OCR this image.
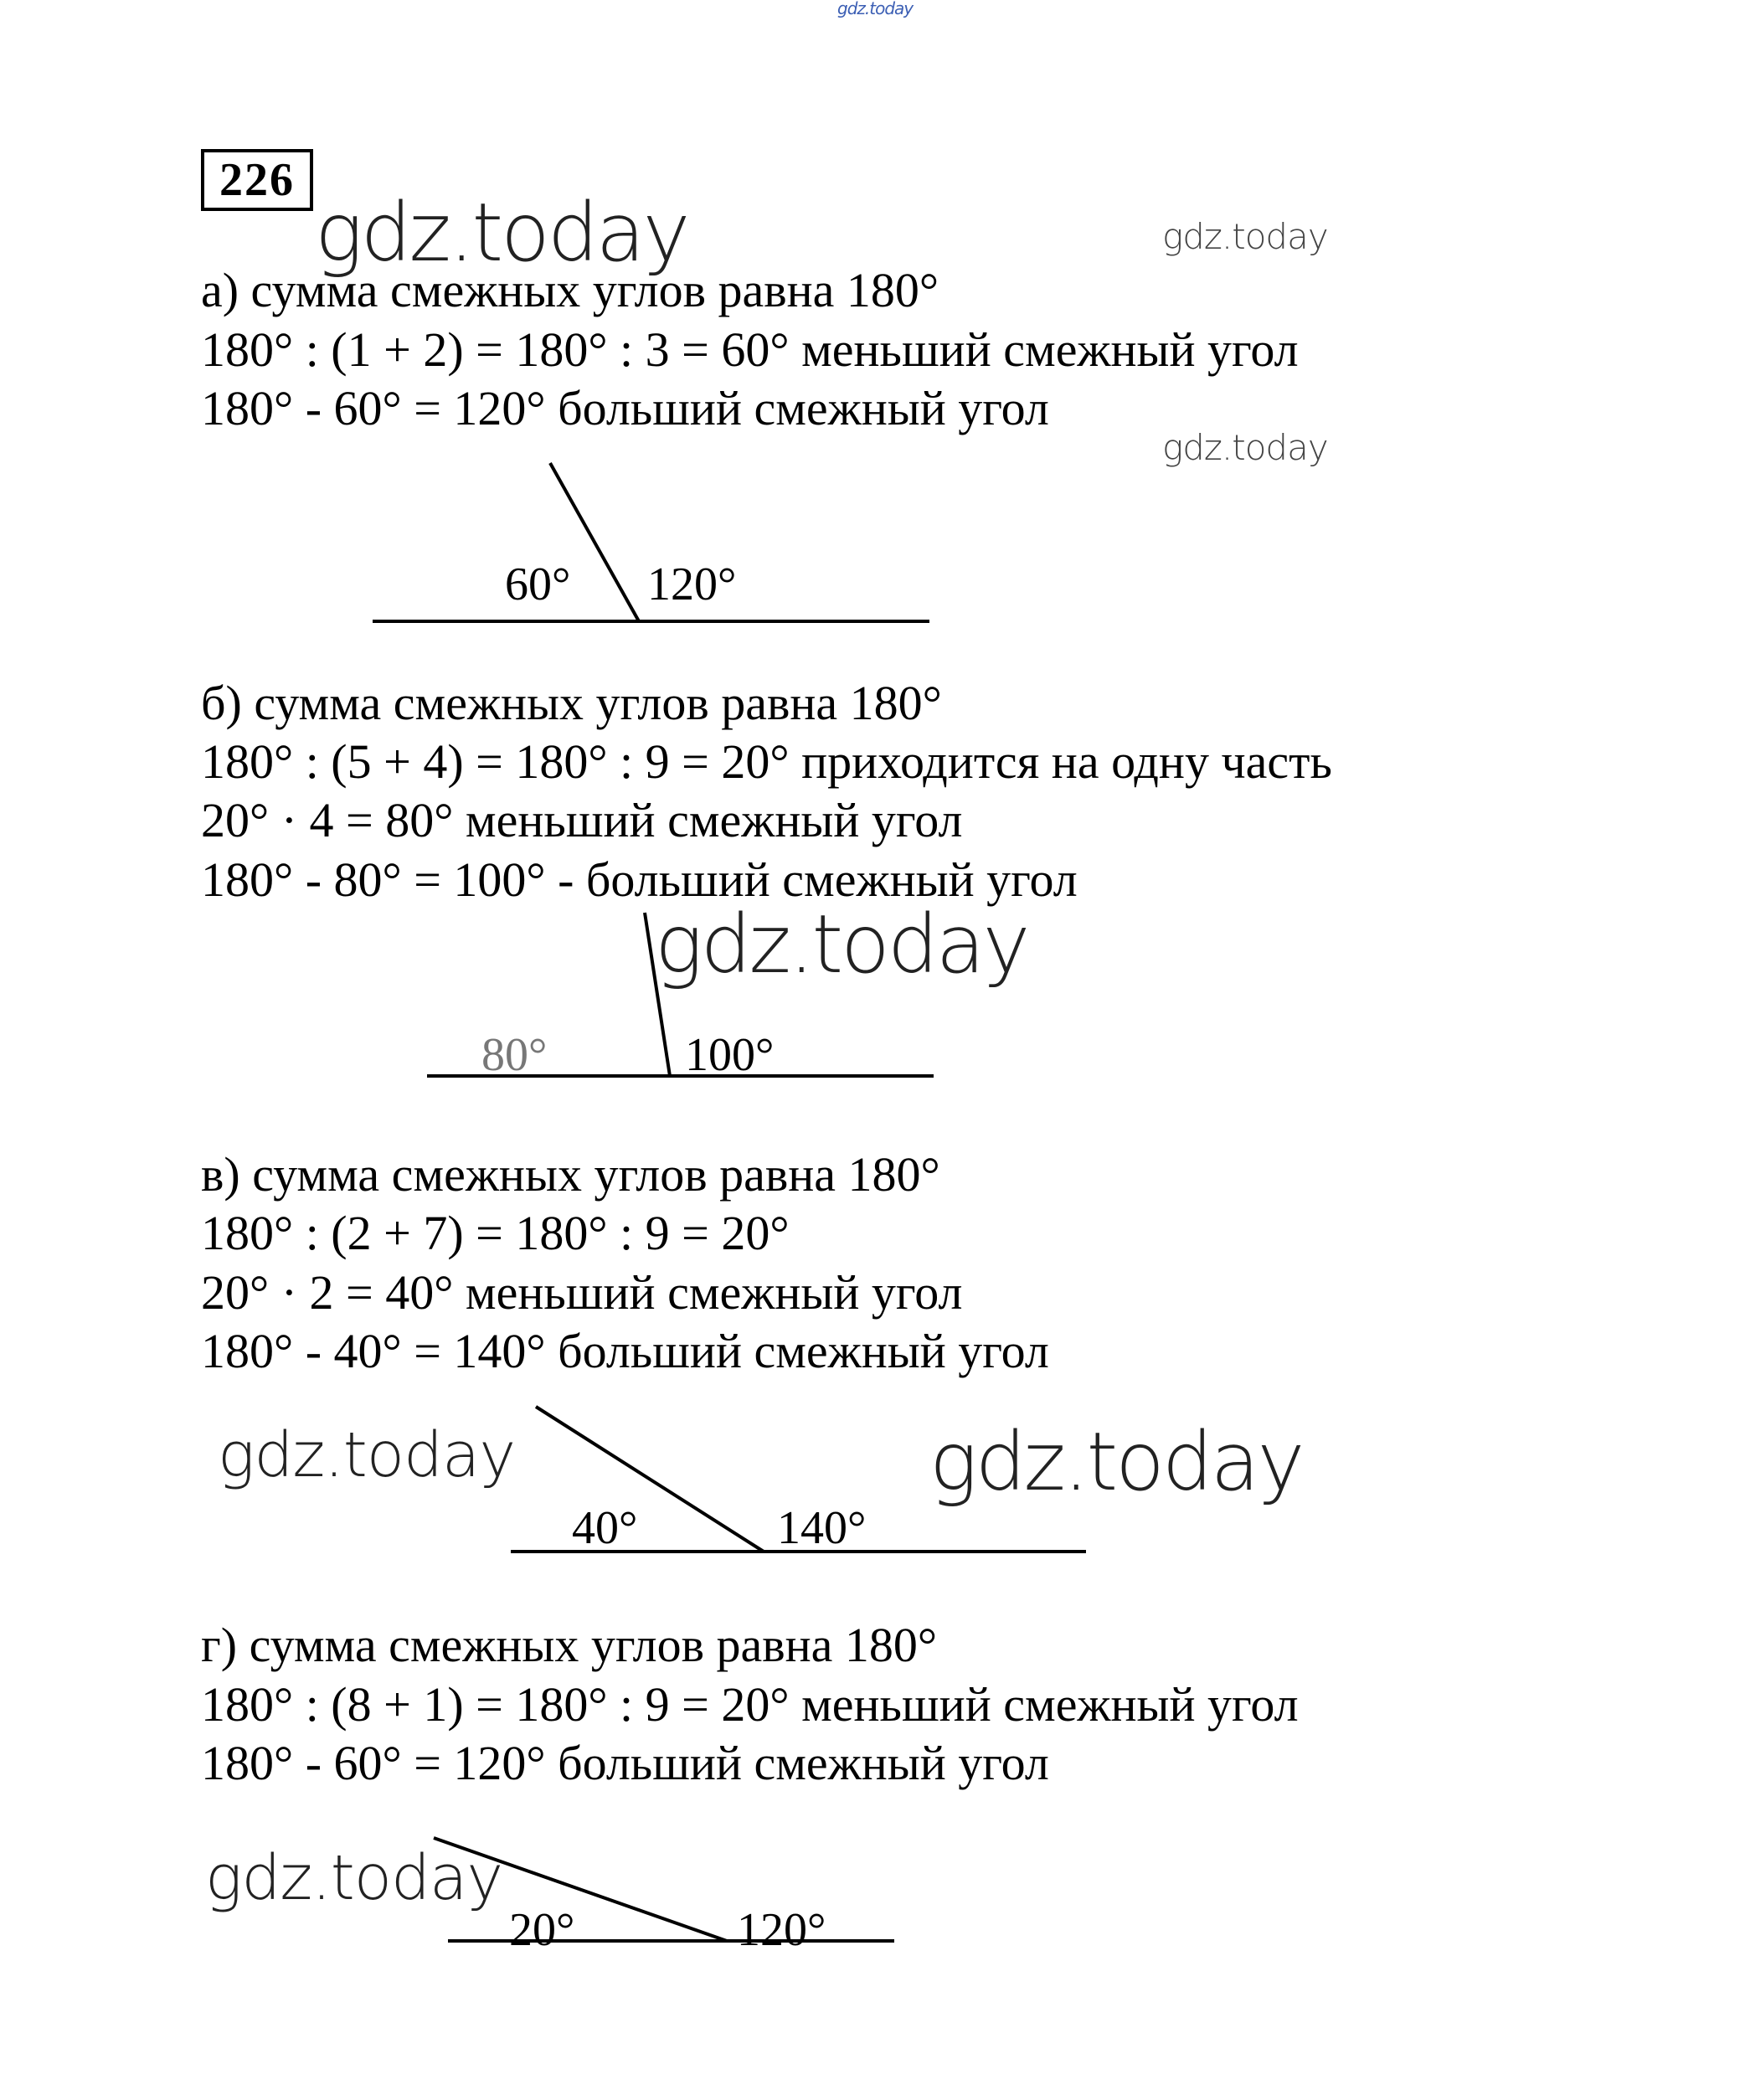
gdz.today
226
gdz.today	gdz.today
а) сумма смежных углов равна 180°
180° : (1 + 2) = 180° : 3 = 60° меньший смежный угол
180° - 60° = 120° больший смежный угол
gdz.today
60° 120°
б) сумма смежных углов равна 180°
180° : (5 + 4) = 180° : 9 = 20° приходится на одну часть
20° · 4 = 80° меньший смежный угол
180° - 80° = 100° - больший смежный угол
gdz.today
80°	100°
в) сумма смежных углов равна 180°
180° : (2 + 7) = 180° : 9 = 20°
20° · 2 = 40° меньший смежный угол
180° - 40° = 140° больший смежный угол
gdz.today	gdz.today
40°	140°
г) сумма смежных углов равна 180°
180° : (8 + 1) = 180° : 9 = 20° меньший смежный угол
180° - 60° = 120° больший смежный угол
gdz.today
20°	120°
